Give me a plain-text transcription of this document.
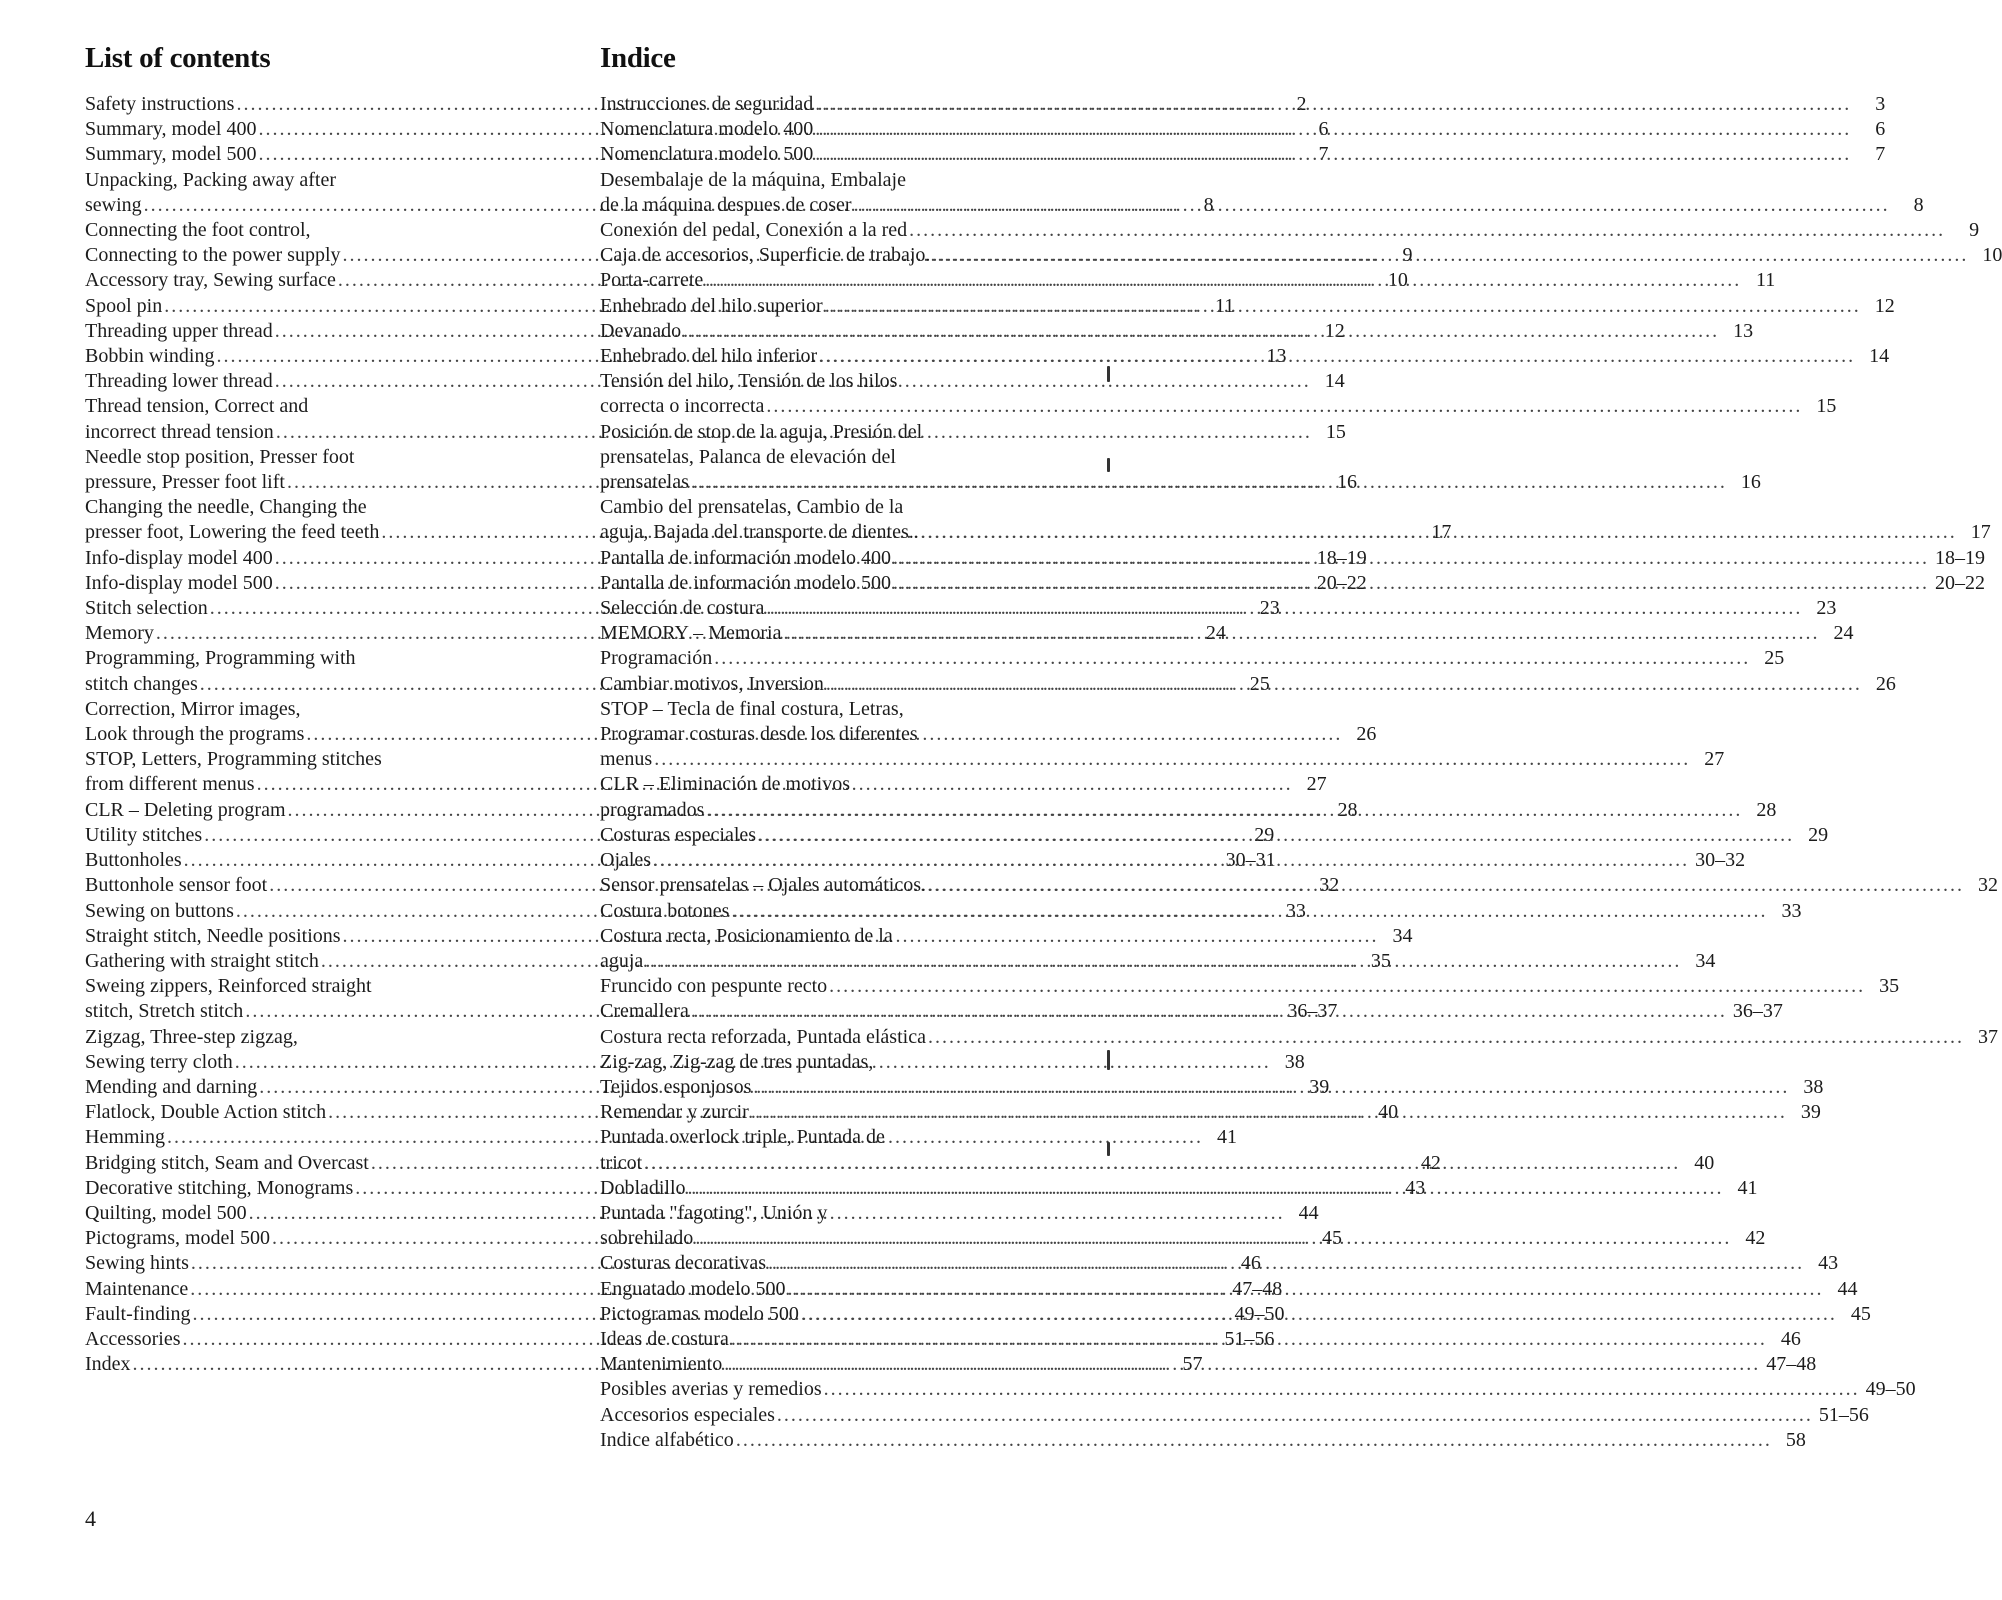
List of contents
Safety instructions .....	2
Summary, model 400 .....	6
Summary, model 500 .....	7
Unpacking, Packing away after
sewing .....	8
Connecting the foot control,
Connecting to the power supply .....	9
Accessory tray, Sewing surface .....	10
Spool pin .....	11
Threading upper thread .....	12
Bobbin winding .....	13
Threading lower thread .....	14
Thread tension, Correct and
incorrect thread tension .....	15
Needle stop position, Presser foot
pressure, Presser foot lift .....	16
Changing the needle, Changing the
presser foot, Lowering the feed teeth .....	17
Info-display model 400 .....	18–19
Info-display model 500 .....	20–22
Stitch selection .....	23
Memory .....	24
Programming, Programming with
stitch changes .....	25
Correction, Mirror images,
Look through the programs .....	26
STOP, Letters, Programming stitches
from different menus .....	27
CLR – Deleting program .....	28
Utility stitches .....	29
Buttonholes .....	30–31
Buttonhole sensor foot .....	32
Sewing on buttons .....	33
Straight stitch, Needle positions .....	34
Gathering with straight stitch .....	35
Sweing zippers, Reinforced straight
stitch, Stretch stitch .....	36–37
Zigzag, Three-step zigzag,
Sewing terry cloth .....	38
Mending and darning .....	39
Flatlock, Double Action stitch .....	40
Hemming .....	41
Bridging stitch, Seam and Overcast .....	42
Decorative stitching, Monograms .....	43
Quilting, model 500 .....	44
Pictograms, model 500 .....	45
Sewing hints .....	46
Maintenance .....	47–48
Fault-finding .....	49–50
Accessories .....	51–56
Index .....	57
Indice
Instrucciones de seguridad .....	3
Nomenclatura modelo 400 .....	6
Nomenclatura modelo 500 .....	7
Desembalaje de la máquina, Embalaje
de la máquina despues de coser .....	8
Conexión del pedal, Conexión a la red .....	9
Caja de accesorios, Superficie de trabajo. .....	10
Porta-carrete .....	11
Enhebrado del hilo superior .....	12
Devanado .....	13
Enhebrado del hilo inferior .....	14
Tensión del hilo, Tensión de los hilos
correcta o incorrecta .....	15
Posición de stop de la aguja, Presión del
prensatelas, Palanca de elevación del
prensatelas .....	16
Cambio del prensatelas, Cambio de la
aguja, Bajada del transporte de dientes.. .....	17
Pantalla de información modelo 400 .....	18–19
Pantalla de información modelo 500 .....	20–22
Selección de costura .....	23
MEMORY – Memoria .....	24
Programación .....	25
Cambiar motivos, Inversion .....	26
STOP – Tecla de final costura, Letras,
Programar costuras desde los diferentes
menus .....	27
CLR – Eliminación de motivos
programados .....	28
Costuras especiales .....	29
Ojales .....	30–32
Sensor prensatelas – Ojales automáticos. .....	32
Costura botones .....	33
Costura recta, Posicionamiento de la
aguja .....	34
Fruncido con pespunte recto .....	35
Cremallera .....	36–37
Costura recta reforzada, Puntada elástica .....	37
Zig-zag, Zig-zag de tres puntadas,
Tejidos esponjosos .....	38
Remendar y zurcir .....	39
Puntada overlock triple, Puntada de
tricot .....	40
Dobladillo .....	41
Puntada "fagoting", Unión y
sobrehilado .....	42
Costuras decorativas .....	43
Enguatado modelo 500 .....	44
Pictogramas modelo 500 .....	45
Ideas de costura .....	46
Mantenimiento .....	47–48
Posibles averias y remedios .....	49–50
Accesorios especiales .....	51–56
Indice alfabético .....	58
4
